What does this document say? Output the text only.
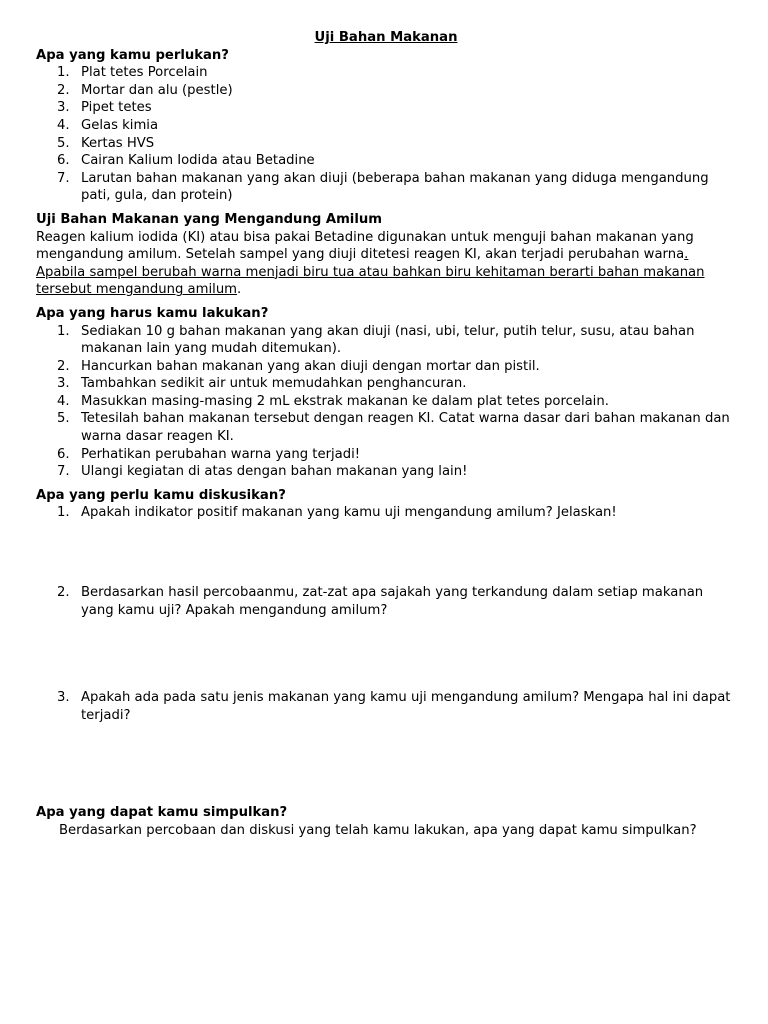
Uji Bahan Makanan
Apa yang kamu perlukan?
1. Plat tetes Porcelain
2. Mortar dan alu (pestle)
3. Pipet tetes
4. Gelas kimia
5. Kertas HVS
6. Cairan Kalium Iodida atau Betadine
7. Larutan bahan makanan yang akan diuji (beberapa bahan makanan yang diduga mengandung pati, gula, dan protein)
Uji Bahan Makanan yang Mengandung Amilum

Reagen kalium iodida (KI) atau bisa pakai Betadine digunakan untuk menguji bahan makanan yang mengandung amilum. Setelah sampel yang diuji ditetesi reagen KI, akan terjadi perubahan warna. Apabila sampel berubah warna menjadi biru tua atau bahkan biru kehitaman berarti bahan makanan tersebut mengandung amilum.

Apa yang harus kamu lakukan?
1. Sediakan 10 g bahan makanan yang akan diuji (nasi, ubi, telur, putih telur, susu, atau bahan makanan lain yang mudah ditemukan).
2. Hancurkan bahan makanan yang akan diuji dengan mortar dan pistil.
3. Tambahkan sedikit air untuk memudahkan penghancuran.
4. Masukkan masing-masing 2 mL ekstrak makanan ke dalam plat tetes porcelain.
5. Tetesilah bahan makanan tersebut dengan reagen KI. Catat warna dasar dari bahan makanan dan warna dasar reagen KI.
6. Perhatikan perubahan warna yang terjadi!
7. Ulangi kegiatan di atas dengan bahan makanan yang lain!
Apa yang perlu kamu diskusikan?
1. Apakah indikator positif makanan yang kamu uji mengandung amilum? Jelaskan!
2. Berdasarkan hasil percobaanmu, zat-zat apa sajakah yang terkandung dalam setiap makanan yang kamu uji? Apakah mengandung amilum?
3. Apakah ada pada satu jenis makanan yang kamu uji mengandung amilum? Mengapa hal ini dapat terjadi?
Apa yang dapat kamu simpulkan?

Berdasarkan percobaan dan diskusi yang telah kamu lakukan, apa yang dapat kamu simpulkan?
